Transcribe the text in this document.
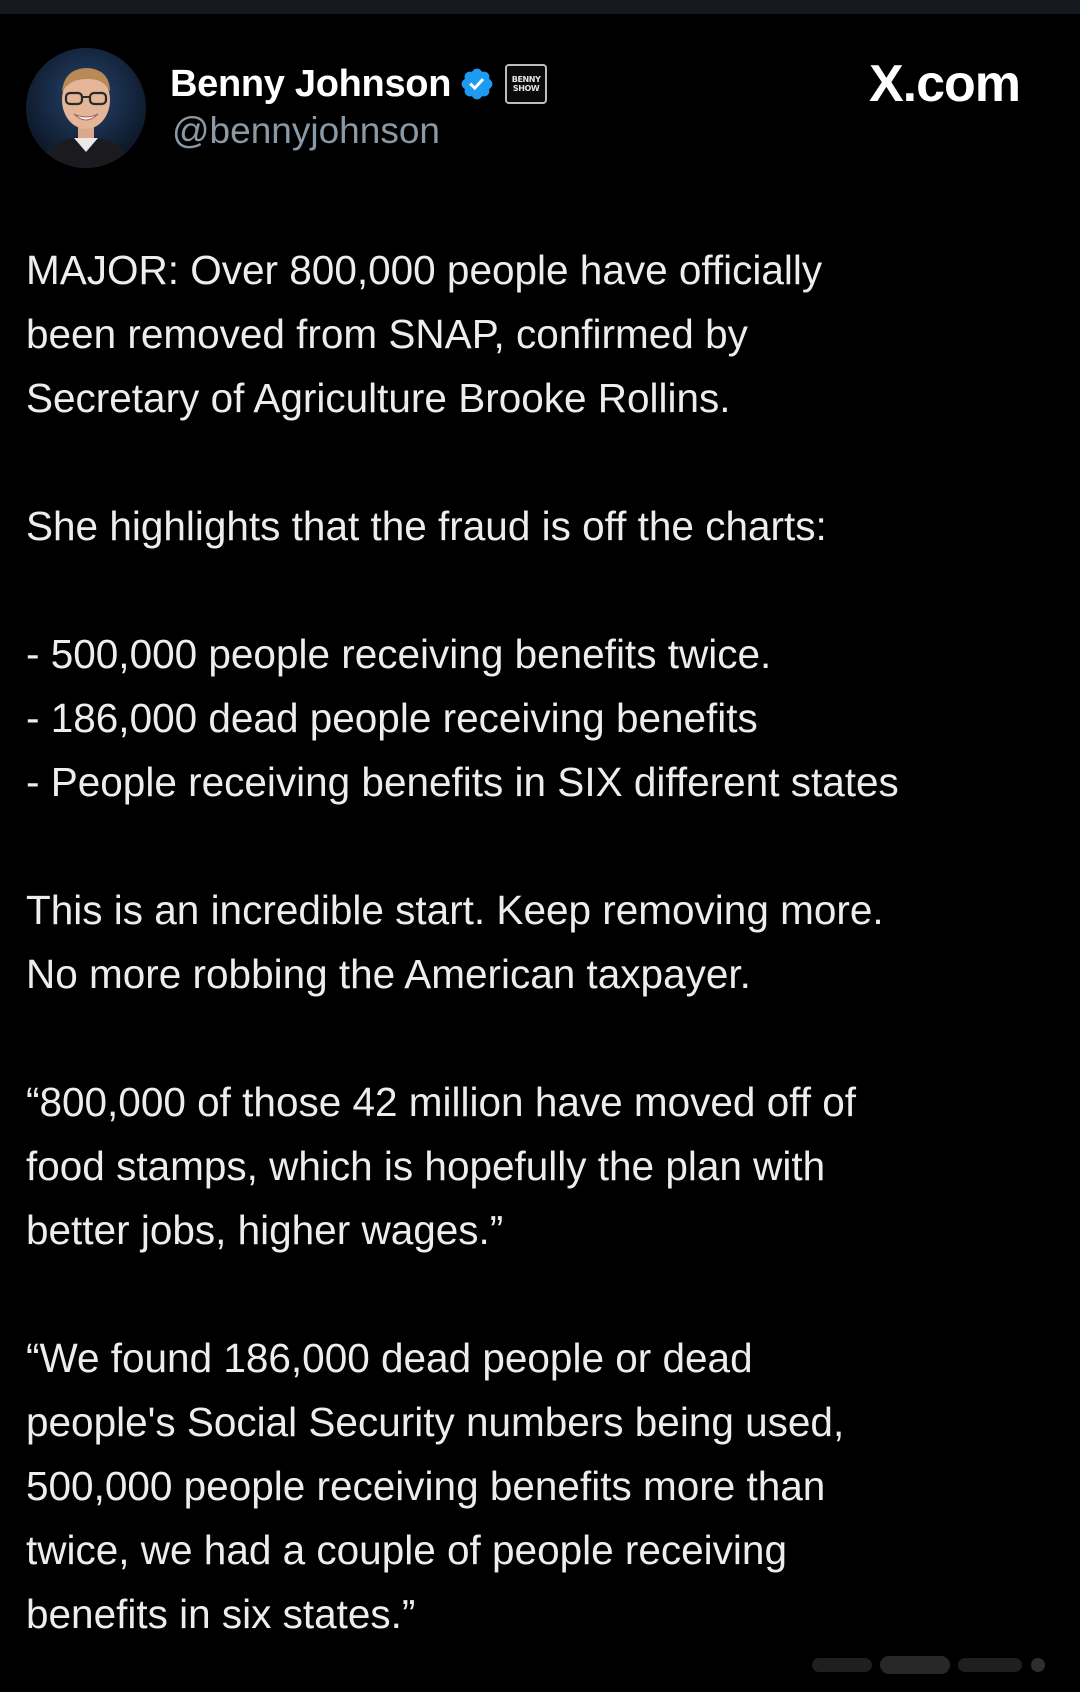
Benny Johnson	BENNY
SHOW
@bennyjohnson
X.com

MAJOR: Over 800,000 people have officially
been removed from SNAP, confirmed by
Secretary of Agriculture Brooke Rollins.

She highlights that the fraud is off the charts:

- 500,000 people receiving benefits twice.
- 186,000 dead people receiving benefits
- People receiving benefits in SIX different states

This is an incredible start. Keep removing more.
No more robbing the American taxpayer.

“800,000 of those 42 million have moved off of
food stamps, which is hopefully the plan with
better jobs, higher wages.”

“We found 186,000 dead people or dead
people's Social Security numbers being used,
500,000 people receiving benefits more than
twice, we had a couple of people receiving
benefits in six states.”
